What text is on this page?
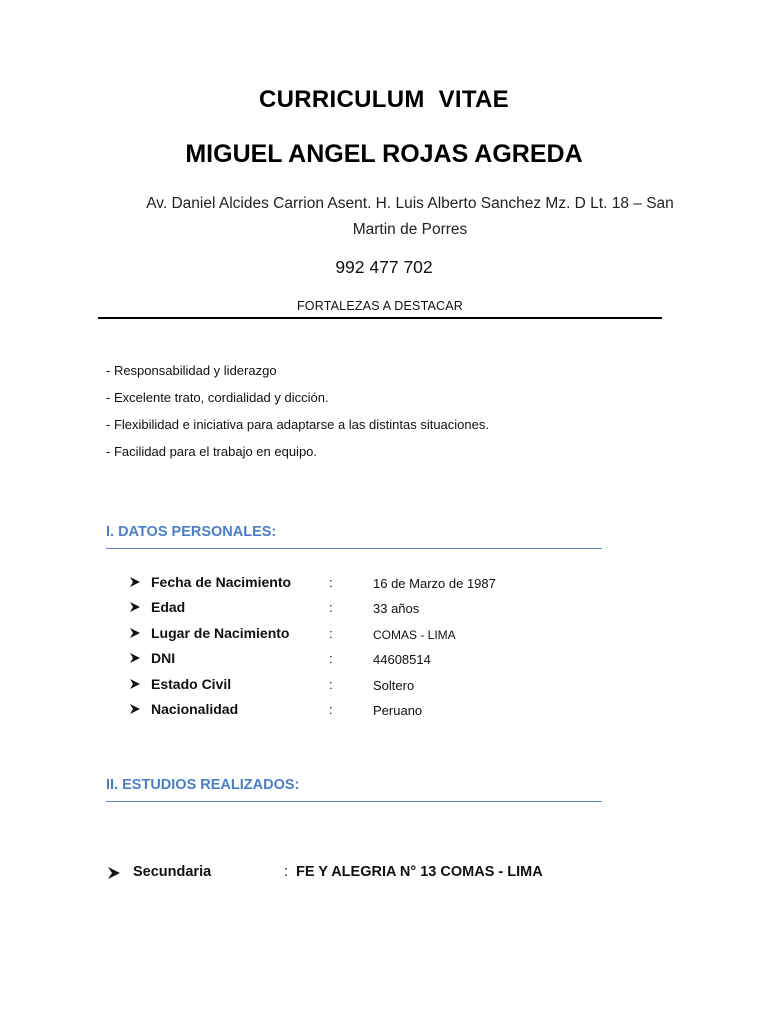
CURRICULUM  VITAE
MIGUEL ANGEL ROJAS AGREDA
Av. Daniel Alcides Carrion Asent. H. Luis Alberto Sanchez Mz. D Lt. 18 – San Martin de Porres
992 477 702
FORTALEZAS A DESTACAR
- Responsabilidad y liderazgo
- Excelente trato, cordialidad y dicción.
- Flexibilidad e iniciativa para adaptarse a las distintas situaciones.
- Facilidad para el trabajo en equipo.
I. DATOS PERSONALES:
Fecha de Nacimiento	:	16 de Marzo de 1987
Edad	:	33 años
Lugar de Nacimiento	:	COMAS - LIMA
DNI	:	44608514
Estado Civil	:	Soltero
Nacionalidad	:	Peruano
II. ESTUDIOS REALIZADOS:
Secundaria	: FE Y ALEGRIA N° 13 COMAS - LIMA
